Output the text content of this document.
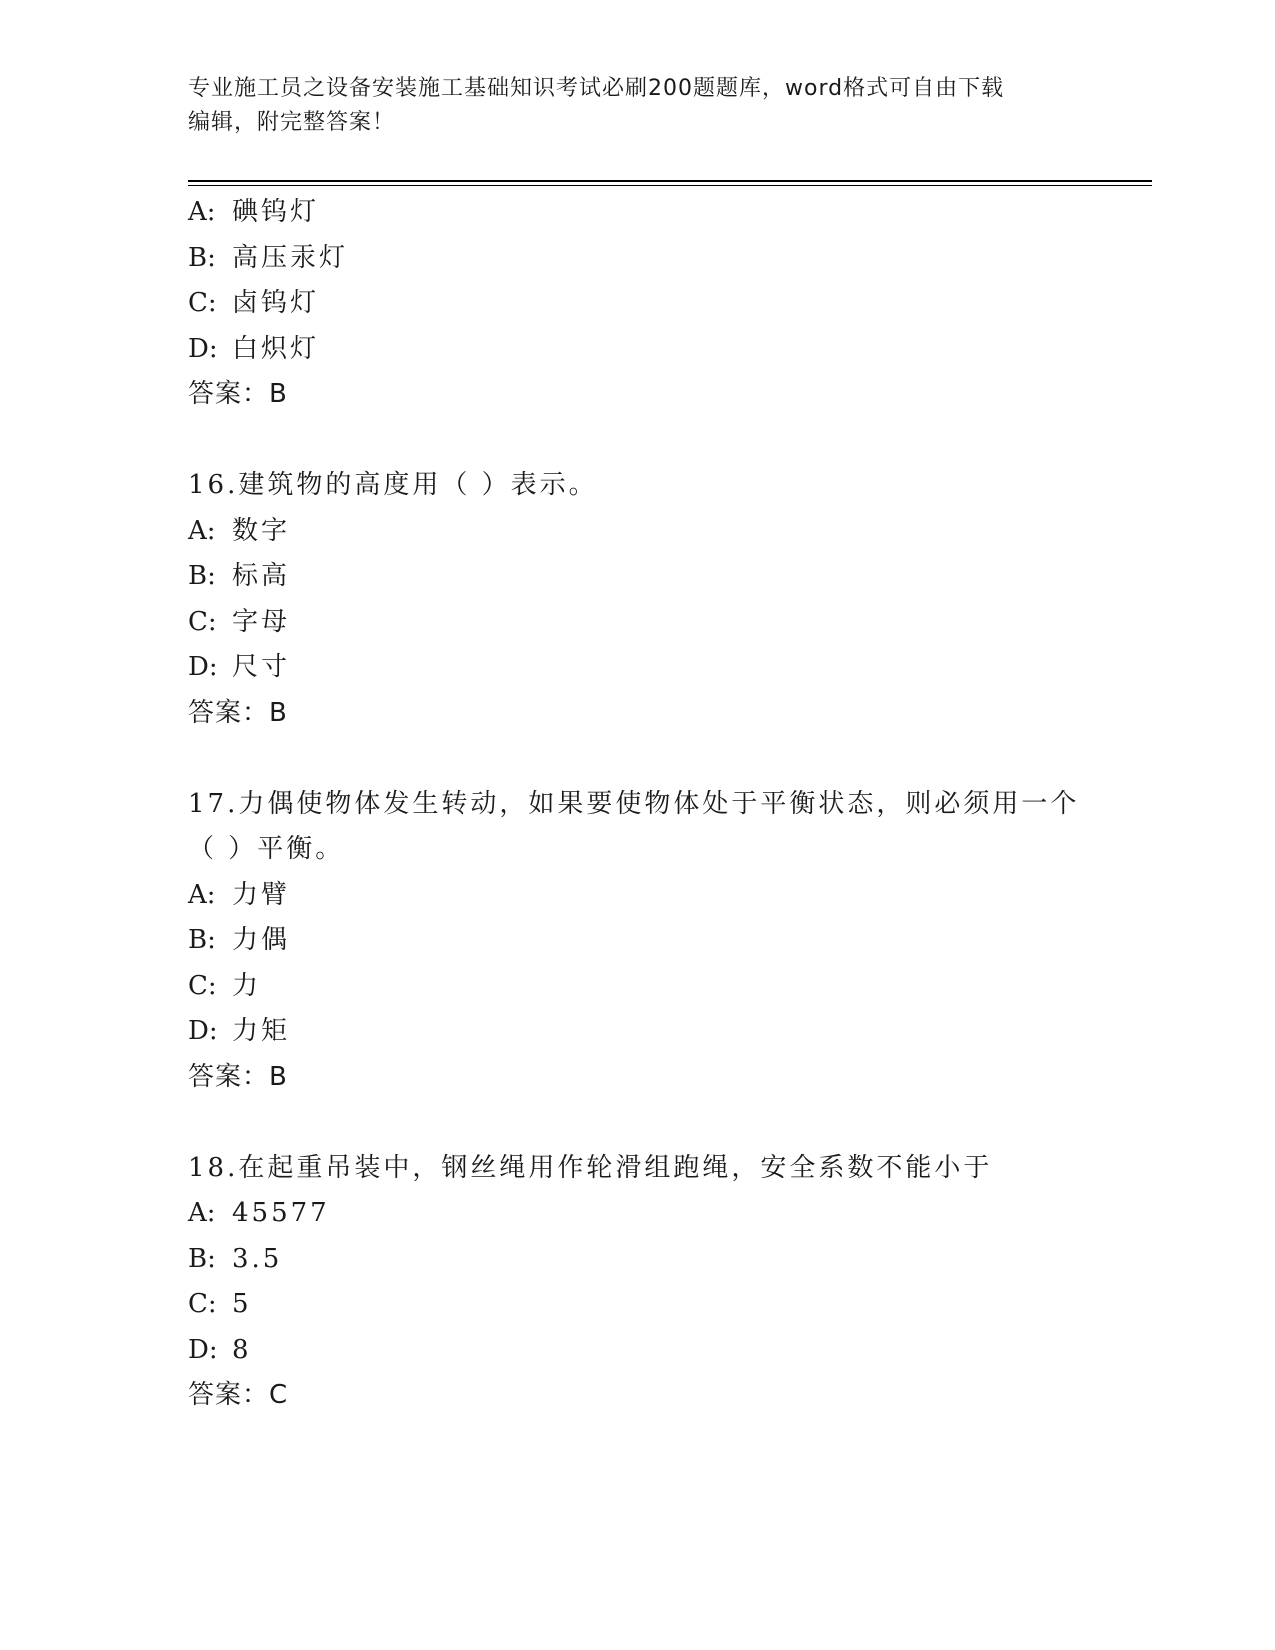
专业施工员之设备安装施工基础知识考试必刷200题题库，word格式可自由下载
编辑，附完整答案！
A: 碘钨灯
B: 高压汞灯
C: 卤钨灯
D: 白炽灯
答案：B
16.建筑物的高度用（ ）表示。
A: 数字
B: 标高
C: 字母
D: 尺寸
答案：B
17.力偶使物体发生转动，如果要使物体处于平衡状态，则必须用一个
（ ）平衡。
A: 力臂
B: 力偶
C: 力
D: 力矩
答案：B
18.在起重吊装中，钢丝绳用作轮滑组跑绳，安全系数不能小于
A: 45577
B: 3.5
C: 5
D: 8
答案：C
